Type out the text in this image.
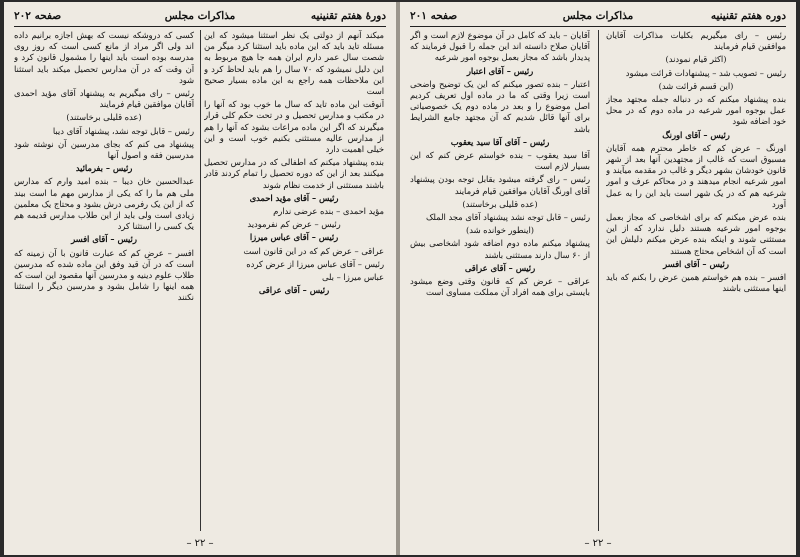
دورهٔ هفتم تقنینیه
مذاکرات مجلس
صفحه ۲۰۲

میکند آنهم از دولتی یک نظر استثنا میشود که این مسئله تاید باید که این ماده باید استثنا کرد میگر من شصت سال عمر دارم ایران همه جا هیچ مربوط به این دلیل نمیشود که ۷۰ سال را هم باید لحاظ کرد و این ملاحظات همه راجع به این ماده بسیار صحیح است

آنوقت این ماده تاید که سال ما خوب بود که آنها را در مکتب و مدارس تحصیل و در تحت حکم کلی قرار میگیرند که اگر این ماده مراعات بشود که آنها را هم از مدارس عالیه مستثنی بکنیم خوب است و این خیلی اهمیت دارد

بنده پیشنهاد میکنم که اطفالی که در مدارس تحصیل میکنند بعد از این که دوره تحصیل را تمام کردند قادر باشند مستثنی از خدمت نظام شوند

رئیس – آقای مؤید احمدی

مؤید احمدی – بنده عرضی ندارم

رئیس – عرض کم نفرمودید

رئیس – آقای عباس میرزا

عراقی – عرض کم که در این قانون است

رئیس – آقای عباس میرزا از عرض کرده

عباس میرزا – بلی

رئیس – آقای عراقی

کسی که دروشکه نیست که بهش اجازه برانیم داده اند ولی اگر مراد از مانع کسی است که روز روی مدرسه بوده است باید اینها را مشمول قانون کرد و آن وقت که در آن مدارس تحصیل میکند باید استثنا شود

رئیس – رای میگیریم به پیشنهاد آقای مؤید احمدی آقایان موافقین قیام فرمایند

(عده قلیلی برخاستند)

رئیس – قابل توجه نشد، پیشنهاد آقای دیبا

پیشنهاد می کنم که بجای مدرسین آن نوشته شود مدرسین فقه و اصول آنها

رئیس – بفرمائید

عبدالحسین خان دیبا – بنده امید وارم که مدارس ملی هم ما را که یکی از مدارس مهم ما است بیند که از این یک رفرمی درش بشود و محتاج یک معلمین زیادی است ولی باید از این طلاب مدارس قدیمه هم یک کسی را استثنا کرد

رئیس – آقای افسر

افسر – عرض کم که عبارت قانون با آن زمینه که است که در آن قید وفق این ماده شده که مدرسین طلاب علوم دینیه و مدرسین آنها مقصود این است که همه اینها را شامل بشود و مدرسین دیگر را استثنا نکنند

– ۲۲ –
دوره هفتم تقنینیه
مذاکرات مجلس
صفحه ۲۰۱

رئیس – رای میگیریم بکلیات مذاکرات آقایان موافقین قیام فرمایند

(اکثر قیام نمودند)

رئیس – تصویب شد – پیشنهادات قرائت میشود

(این قسم قرائت شد)

بنده پیشنهاد میکنم که در دنباله جمله مجتهد مجاز عمل بوجوه امور شرعیه در ماده دوم که در محل خود اضافه شود

رئیس – آقای اورنگ

اورنگ – عرض کم که خاطر محترم همه آقایان مسبوق است که غالب از مجتهدین آنها بعد از شهر قانون خودشان بشهر دیگر و غالب در مقدمه میآیند و امور شرعیه انجام میدهند و در محاکم عرف و امور شرعیه هم که در یک شهر است باید این را به عمل آورد

بنده عرض میکنم که برای اشخاصی که مجاز بعمل بوجوه امور شرعیه هستند دلیل ندارد که از این مستثنی شوند و اینکه بنده عرض میکنم دلیلش این است که آن اشخاص محتاج هستند

رئیس – آقای افسر

افسر – بنده هم خواستم همین عرض را بکنم که باید اینها مستثنی باشند

آقایان – باید که کامل در آن موضوع لازم است و اگر آقایان صلاح دانسته اند این جمله را قبول فرمایند که پدیدار باشد که مجاز بعمل بوجوه امور شرعیه

رئیس – آقای اعتبار

اعتبار – بنده تصور میکنم که این یک توضیح واضحی است زیرا وقتی که ما در ماده اول تعریف کردیم اصل موضوع را و بعد در ماده دوم یک خصوصیاتی برای آنها قائل شدیم که آن مجتهد جامع الشرایط باشد

رئیس – آقای آقا سید یعقوب

آقا سید یعقوب – بنده خواستم عرض کنم که این بسیار لازم است

رئیس – رای گرفته میشود بقابل توجه بودن پیشنهاد آقای اورنگ آقایان موافقین قیام فرمایند

(عده قلیلی برخاستند)

رئیس – قابل توجه نشد پیشنهاد آقای مجد الملک

(اینطور خوانده شد)

پیشنهاد میکنم ماده دوم اضافه شود اشخاصی بیش از ۶۰ سال دارند مستثنی باشند

رئیس – آقای عراقی

عراقی – عرض کم که قانون وقتی وضع میشود بایستی برای همه افراد آن مملکت مساوی است

– ۲۲ –
